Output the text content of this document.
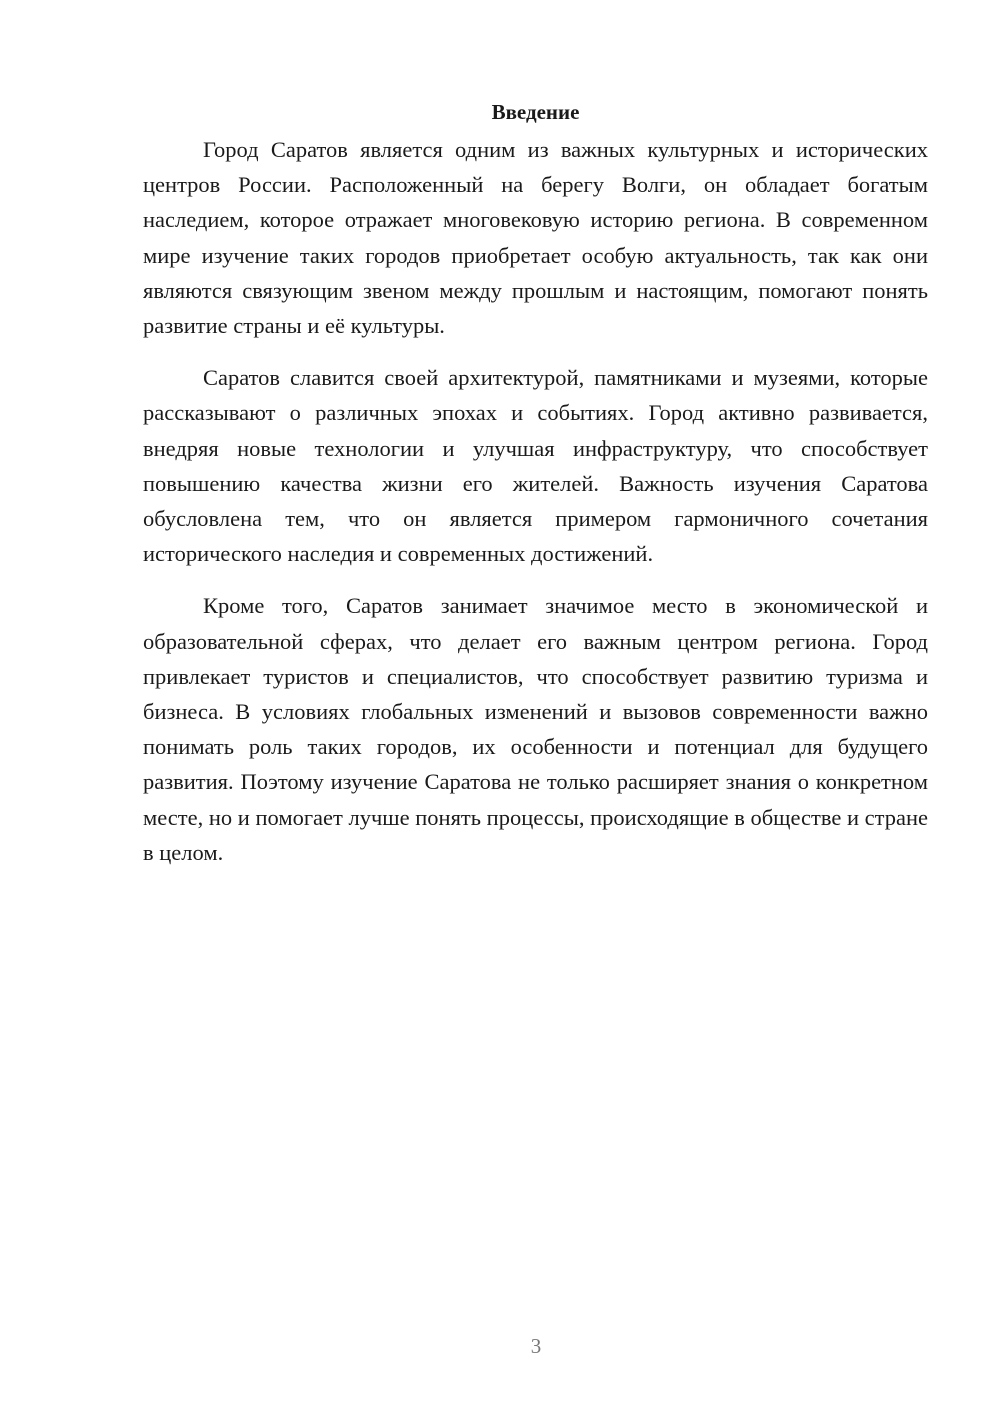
Введение

Город Саратов является одним из важных культурных и исторических центров России. Расположенный на берегу Волги, он обладает богатым наследием, которое отражает многовековую историю региона. В современном мире изучение таких городов приобретает особую актуальность, так как они являются связующим звеном между прошлым и настоящим, помогают понять развитие страны и её культуры.

Саратов славится своей архитектурой, памятниками и музеями, которые рассказывают о различных эпохах и событиях. Город активно развивается, внедряя новые технологии и улучшая инфраструктуру, что способствует повышению качества жизни его жителей. Важность изучения Саратова обусловлена тем, что он является примером гармоничного сочетания исторического наследия и современных достижений.

Кроме того, Саратов занимает значимое место в экономической и образовательной сферах, что делает его важным центром региона. Город привлекает туристов и специалистов, что способствует развитию туризма и бизнеса. В условиях глобальных изменений и вызовов современности важно понимать роль таких городов, их особенности и потенциал для будущего развития. Поэтому изучение Саратова не только расширяет знания о конкретном месте, но и помогает лучше понять процессы, происходящие в обществе и стране в целом.

3
